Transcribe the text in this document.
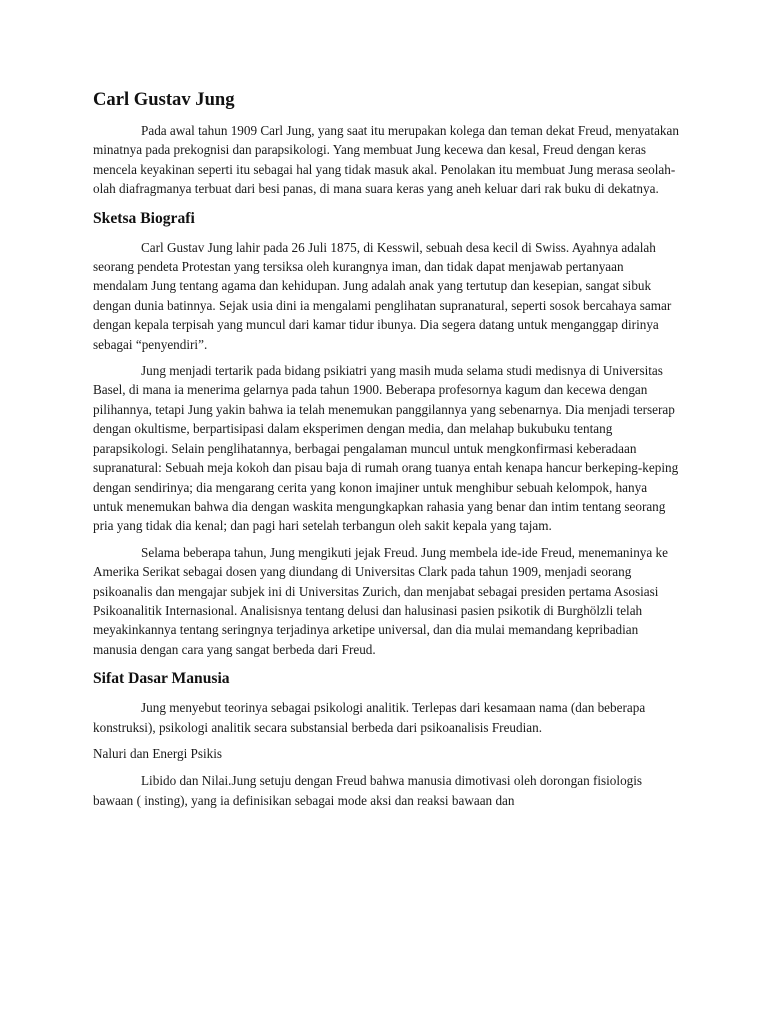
Carl Gustav Jung

Pada awal tahun 1909 Carl Jung, yang saat itu merupakan kolega dan teman dekat Freud, menyatakan minatnya pada prekognisi dan parapsikologi. Yang membuat Jung kecewa dan kesal, Freud dengan keras mencela keyakinan seperti itu sebagai hal yang tidak masuk akal. Penolakan itu membuat Jung merasa seolah-olah diafragmanya terbuat dari besi panas, di mana suara keras yang aneh keluar dari rak buku di dekatnya.

Sketsa Biografi

Carl Gustav Jung lahir pada 26 Juli 1875, di Kesswil, sebuah desa kecil di Swiss. Ayahnya adalah seorang pendeta Protestan yang tersiksa oleh kurangnya iman, dan tidak dapat menjawab pertanyaan mendalam Jung tentang agama dan kehidupan. Jung adalah anak yang tertutup dan kesepian, sangat sibuk dengan dunia batinnya. Sejak usia dini ia mengalami penglihatan supranatural, seperti sosok bercahaya samar dengan kepala terpisah yang muncul dari kamar tidur ibunya. Dia segera datang untuk menganggap dirinya sebagai “penyendiri”.

Jung menjadi tertarik pada bidang psikiatri yang masih muda selama studi medisnya di Universitas Basel, di mana ia menerima gelarnya pada tahun 1900. Beberapa profesornya kagum dan kecewa dengan pilihannya, tetapi Jung yakin bahwa ia telah menemukan panggilannya yang sebenarnya. Dia menjadi terserap dengan okultisme, berpartisipasi dalam eksperimen dengan media, dan melahap bukubuku tentang parapsikologi. Selain penglihatannya, berbagai pengalaman muncul untuk mengkonfirmasi keberadaan supranatural: Sebuah meja kokoh dan pisau baja di rumah orang tuanya entah kenapa hancur berkeping-keping dengan sendirinya; dia mengarang cerita yang konon imajiner untuk menghibur sebuah kelompok, hanya untuk menemukan bahwa dia dengan waskita mengungkapkan rahasia yang benar dan intim tentang seorang pria yang tidak dia kenal; dan pagi hari setelah terbangun oleh sakit kepala yang tajam.

Selama beberapa tahun, Jung mengikuti jejak Freud. Jung membela ide-ide Freud, menemaninya ke Amerika Serikat sebagai dosen yang diundang di Universitas Clark pada tahun 1909, menjadi seorang psikoanalis dan mengajar subjek ini di Universitas Zurich, dan menjabat sebagai presiden pertama Asosiasi Psikoanalitik Internasional. Analisisnya tentang delusi dan halusinasi pasien psikotik di Burghölzli telah meyakinkannya tentang seringnya terjadinya arketipe universal, dan dia mulai memandang kepribadian manusia dengan cara yang sangat berbeda dari Freud.

Sifat Dasar Manusia

Jung menyebut teorinya sebagai psikologi analitik. Terlepas dari kesamaan nama (dan beberapa konstruksi), psikologi analitik secara substansial berbeda dari psikoanalisis Freudian.

Naluri dan Energi Psikis

Libido dan Nilai.Jung setuju dengan Freud bahwa manusia dimotivasi oleh dorongan fisiologis bawaan ( insting), yang ia definisikan sebagai mode aksi dan reaksi bawaan dan
